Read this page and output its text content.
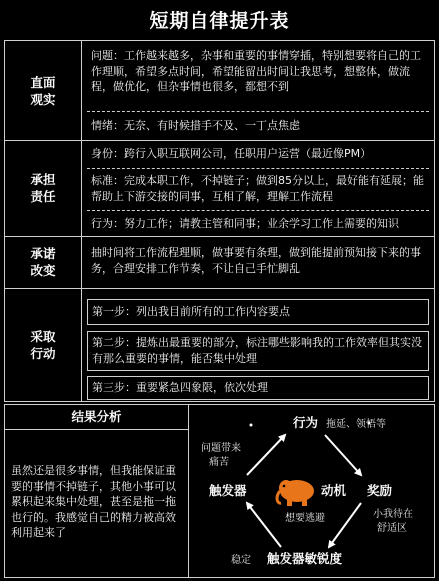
短期自律提升表
直面
观实
问题：工作越来越多，杂事和重要的事情穿插，特别想要将自己的工作理顺，希望多点时间，希望能留出时间让我思考，想整体，做流程，做优化，但杂事情也很多，都想不到
情绪：无奈、有时候措手不及、一丁点焦虑
承担
责任
身份：跨行入职互联网公司，任职用户运营（最近像PM）
标准：完成本职工作，不掉链子；做到85分以上，最好能有延展；能帮助上下游交接的同事，互相了解，理解工作流程
行为：努力工作；请教主管和同事；业余学习工作上需要的知识
承诺
改变
抽时间将工作流程理顺，做事要有条理，做到能提前预知接下来的事务，合理安排工作节奏，不让自己手忙脚乱
采取
行动
第一步：列出我目前所有的工作内容要点
第二步：提炼出最重要的部分，标注哪些影响我的工作效率但其实没有那么重要的事情，能否集中处理
第三步：重要紧急四象限，依次处理
结果分析
虽然还是很多事情，但我能保证重要的事情不掉链子，其他小事可以累积起来集中处理，甚至是拖一拖也行的。我感觉自己的精力被高效利用起来了
行为 拖延、领悟等
问题带来
痛苦
触发器	动机
想要逃避
奖励
小我待在
舒适区
稳定 触发器敏锐度
